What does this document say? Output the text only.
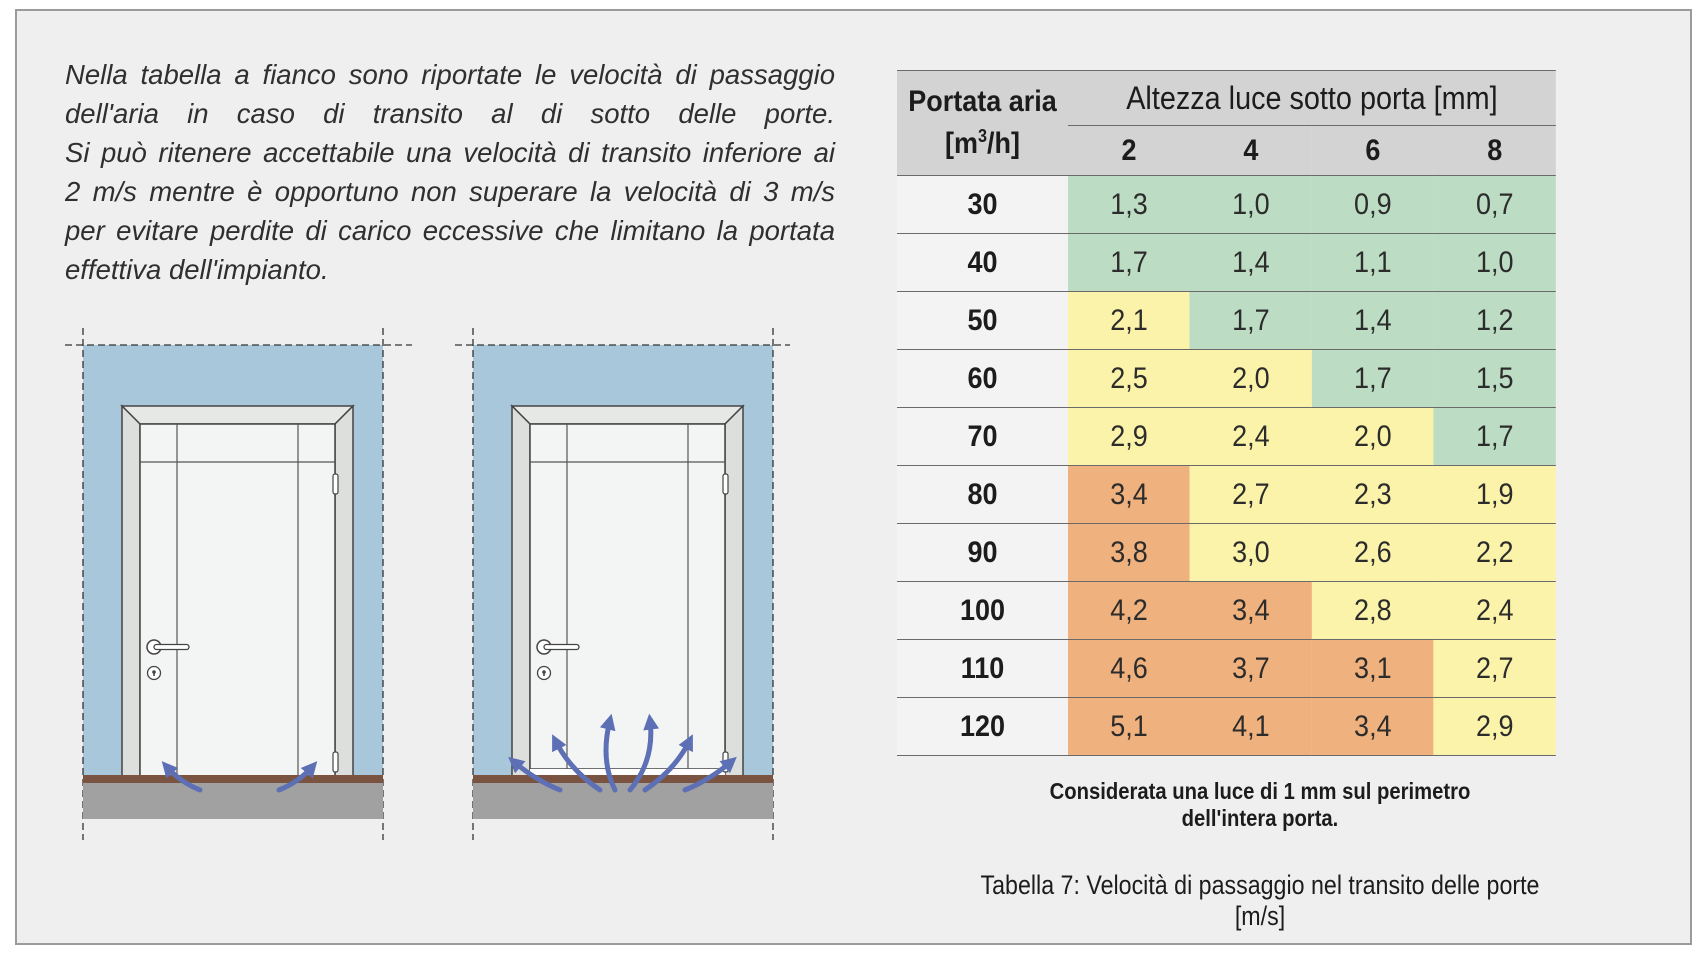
Nella tabella a fianco sono riportate le velocità di passaggio
dell'aria in caso di transito al di sotto delle porte.
Si può ritenere accettabile una velocità di transito inferiore ai
2 m/s mentre è opportuno non superare la velocità di 3 m/s
per evitare perdite di carico eccessive che limitano la portata
effettiva dell'impianto.
Portata aria
$[m^3/h]$	Altezza luce sotto porta [mm]			
	2	4	6	8
30	1,3	1,0	0,9	0,7
40	1,7	1,4	1,1	1,0
50	2,1	1,7	1,4	1,2
60	2,5	2,0	1,7	1,5
70	2,9	2,4	2,0	1,7
80	3,4	2,7	2,3	1,9
90	3,8	3,0	2,6	2,2
100	4,2	3,4	2,8	2,4
110	4,6	3,7	3,1	2,7
120	5,1	4,1	3,4	2,9
Considerata una luce di 1 mm sul perimetro dell'intera porta.
Tabella 7: Velocità di passaggio nel transito delle porte [m/s]
